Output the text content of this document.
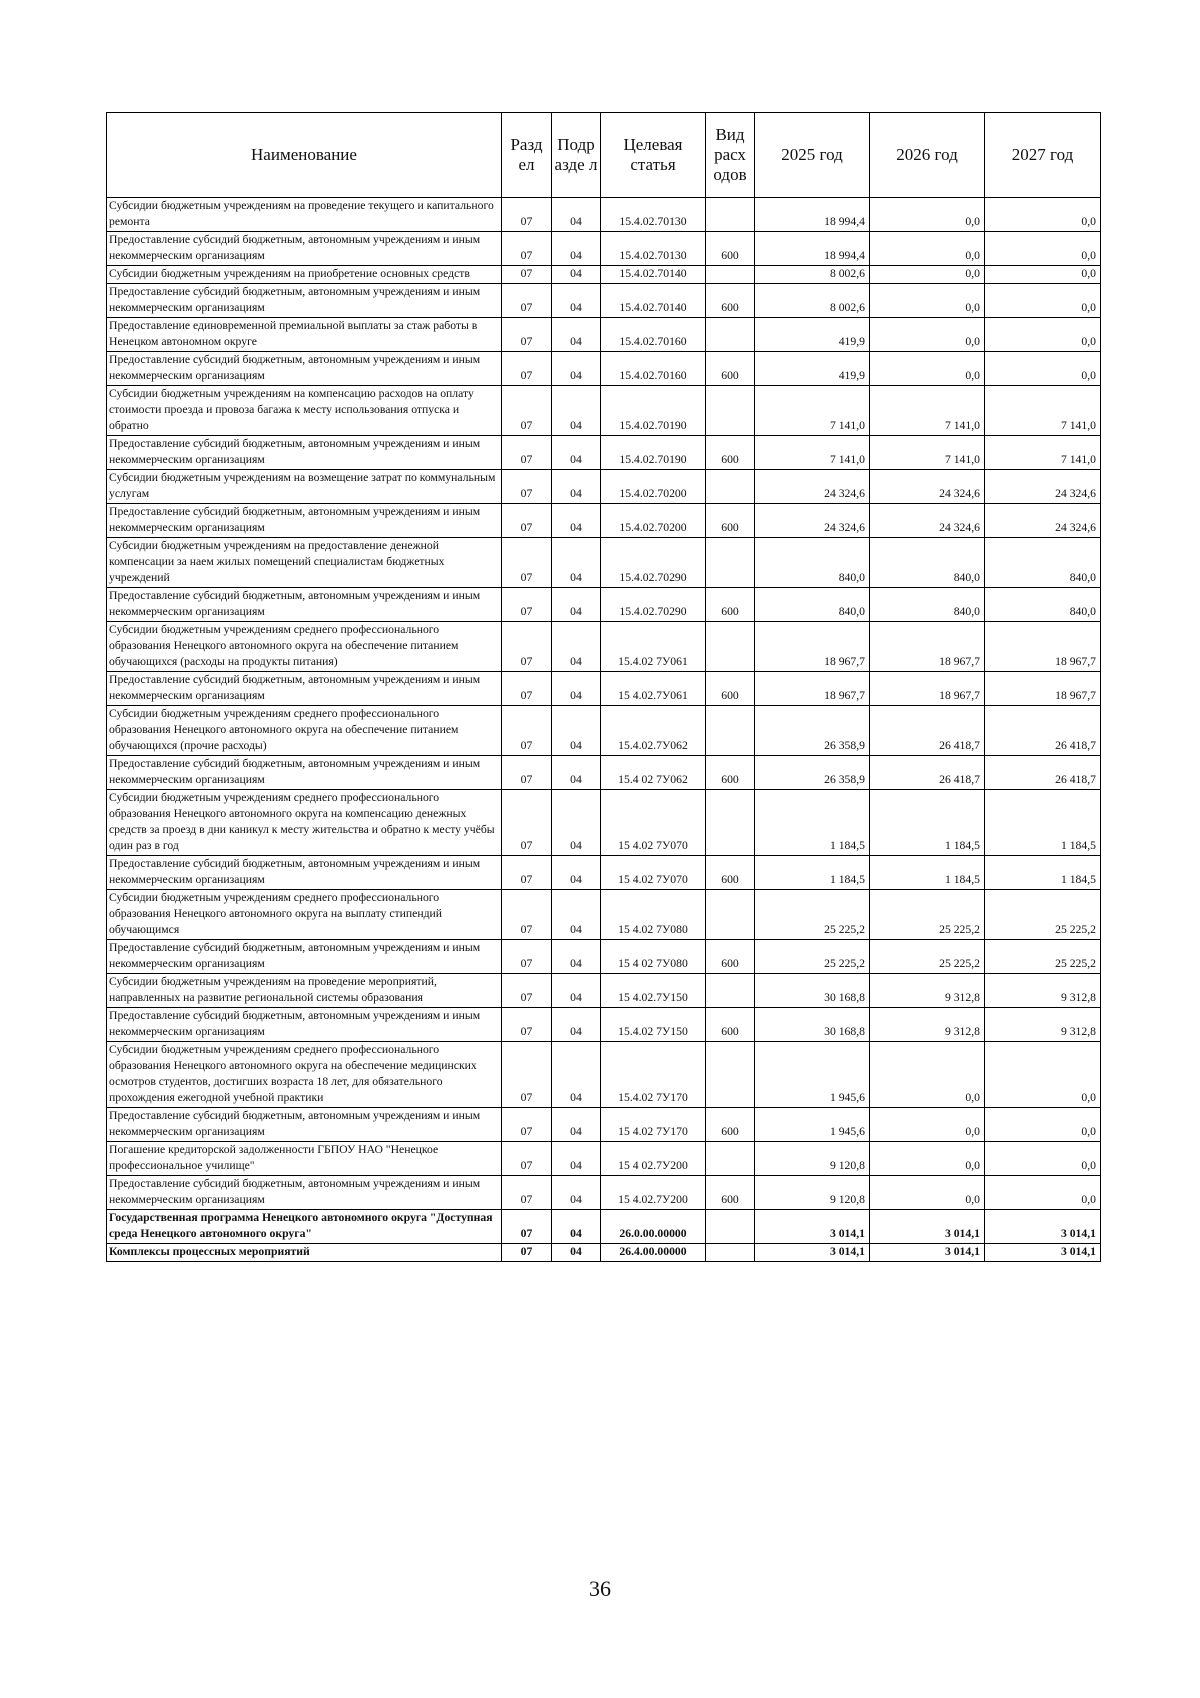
Наименование	Разд ел	Подр азде л	Целевая статья	Вид расх одов	2025 год	2026 год	2027 год
Субсидии бюджетным учреждениям на проведение текущего и капитального ремонта	07	04	15.4.02.70130		18 994,4	0,0	0,0
Предоставление субсидий бюджетным, автономным учреждениям и иным некоммерческим организациям	07	04	15.4.02.70130	600	18 994,4	0,0	0,0
Субсидии бюджетным учреждениям на приобретение основных средств	07	04	15.4.02.70140		8 002,6	0,0	0,0
Предоставление субсидий бюджетным, автономным учреждениям и иным некоммерческим организациям	07	04	15.4.02.70140	600	8 002,6	0,0	0,0
Предоставление единовременной премиальной выплаты за стаж работы в Ненецком автономном округе	07	04	15.4.02.70160		419,9	0,0	0,0
Предоставление субсидий бюджетным, автономным учреждениям и иным некоммерческим организациям	07	04	15.4.02.70160	600	419,9	0,0	0,0
Субсидии бюджетным учреждениям на компенсацию расходов на оплату стоимости проезда и провоза багажа к месту использования отпуска и обратно	07	04	15.4.02.70190		7 141,0	7 141,0	7 141,0
Предоставление субсидий бюджетным, автономным учреждениям и иным некоммерческим организациям	07	04	15.4.02.70190	600	7 141,0	7 141,0	7 141,0
Субсидии бюджетным учреждениям на возмещение затрат по коммунальным услугам	07	04	15.4.02.70200		24 324,6	24 324,6	24 324,6
Предоставление субсидий бюджетным, автономным учреждениям и иным некоммерческим организациям	07	04	15.4.02.70200	600	24 324,6	24 324,6	24 324,6
Субсидии бюджетным учреждениям на предоставление денежной компенсации за наем жилых помещений специалистам бюджетных учреждений	07	04	15.4.02.70290		840,0	840,0	840,0
Предоставление субсидий бюджетным, автономным учреждениям и иным некоммерческим организациям	07	04	15.4.02.70290	600	840,0	840,0	840,0
Субсидии бюджетным учреждениям среднего профессионального образования Ненецкого автономного округа на обеспечение питанием обучающихся (расходы на продукты питания)	07	04	15.4.02 7У061		18 967,7	18 967,7	18 967,7
Предоставление субсидий бюджетным, автономным учреждениям и иным некоммерческим организациям	07	04	15 4.02.7У061	600	18 967,7	18 967,7	18 967,7
Субсидии бюджетным учреждениям среднего профессионального образования Ненецкого автономного округа на обеспечение питанием обучающихся (прочие расходы)	07	04	15.4.02.7У062		26 358,9	26 418,7	26 418,7
Предоставление субсидий бюджетным, автономным учреждениям и иным некоммерческим организациям	07	04	15.4 02 7У062	600	26 358,9	26 418,7	26 418,7
Субсидии бюджетным учреждениям среднего профессионального образования Ненецкого автономного округа на компенсацию денежных средств за проезд в дни каникул к месту жительства и обратно к месту учёбы один раз в год	07	04	15 4.02 7У070		1 184,5	1 184,5	1 184,5
Предоставление субсидий бюджетным, автономным учреждениям и иным некоммерческим организациям	07	04	15 4.02 7У070	600	1 184,5	1 184,5	1 184,5
Субсидии бюджетным учреждениям среднего профессионального образования Ненецкого автономного округа на выплату стипендий обучающимся	07	04	15 4.02 7У080		25 225,2	25 225,2	25 225,2
Предоставление субсидий бюджетным, автономным учреждениям и иным некоммерческим организациям	07	04	15 4 02 7У080	600	25 225,2	25 225,2	25 225,2
Субсидии бюджетным учреждениям на проведение мероприятий, направленных на развитие региональной системы образования	07	04	15 4.02.7У150		30 168,8	9 312,8	9 312,8
Предоставление субсидий бюджетным, автономным учреждениям и иным некоммерческим организациям	07	04	15.4.02 7У150	600	30 168,8	9 312,8	9 312,8
Субсидии бюджетным учреждениям среднего профессионального образования Ненецкого автономного округа на обеспечение медицинских осмотров студентов, достигших возраста 18 лет, для обязательного прохождения ежегодной учебной практики	07	04	15.4.02 7У170		1 945,6	0,0	0,0
Предоставление субсидий бюджетным, автономным учреждениям и иным некоммерческим организациям	07	04	15 4.02 7У170	600	1 945,6	0,0	0,0
Погашение кредиторской задолженности ГБПОУ НАО "Ненецкое профессиональное училище"	07	04	15 4 02.7У200		9 120,8	0,0	0,0
Предоставление субсидий бюджетным, автономным учреждениям и иным некоммерческим организациям	07	04	15 4.02.7У200	600	9 120,8	0,0	0,0
Государственная программа Ненецкого автономного округа "Доступная среда Ненецкого автономного округа"	07	04	26.0.00.00000		3 014,1	3 014,1	3 014,1
Комплексы процессных мероприятий	07	04	26.4.00.00000		3 014,1	3 014,1	3 014,1
36
